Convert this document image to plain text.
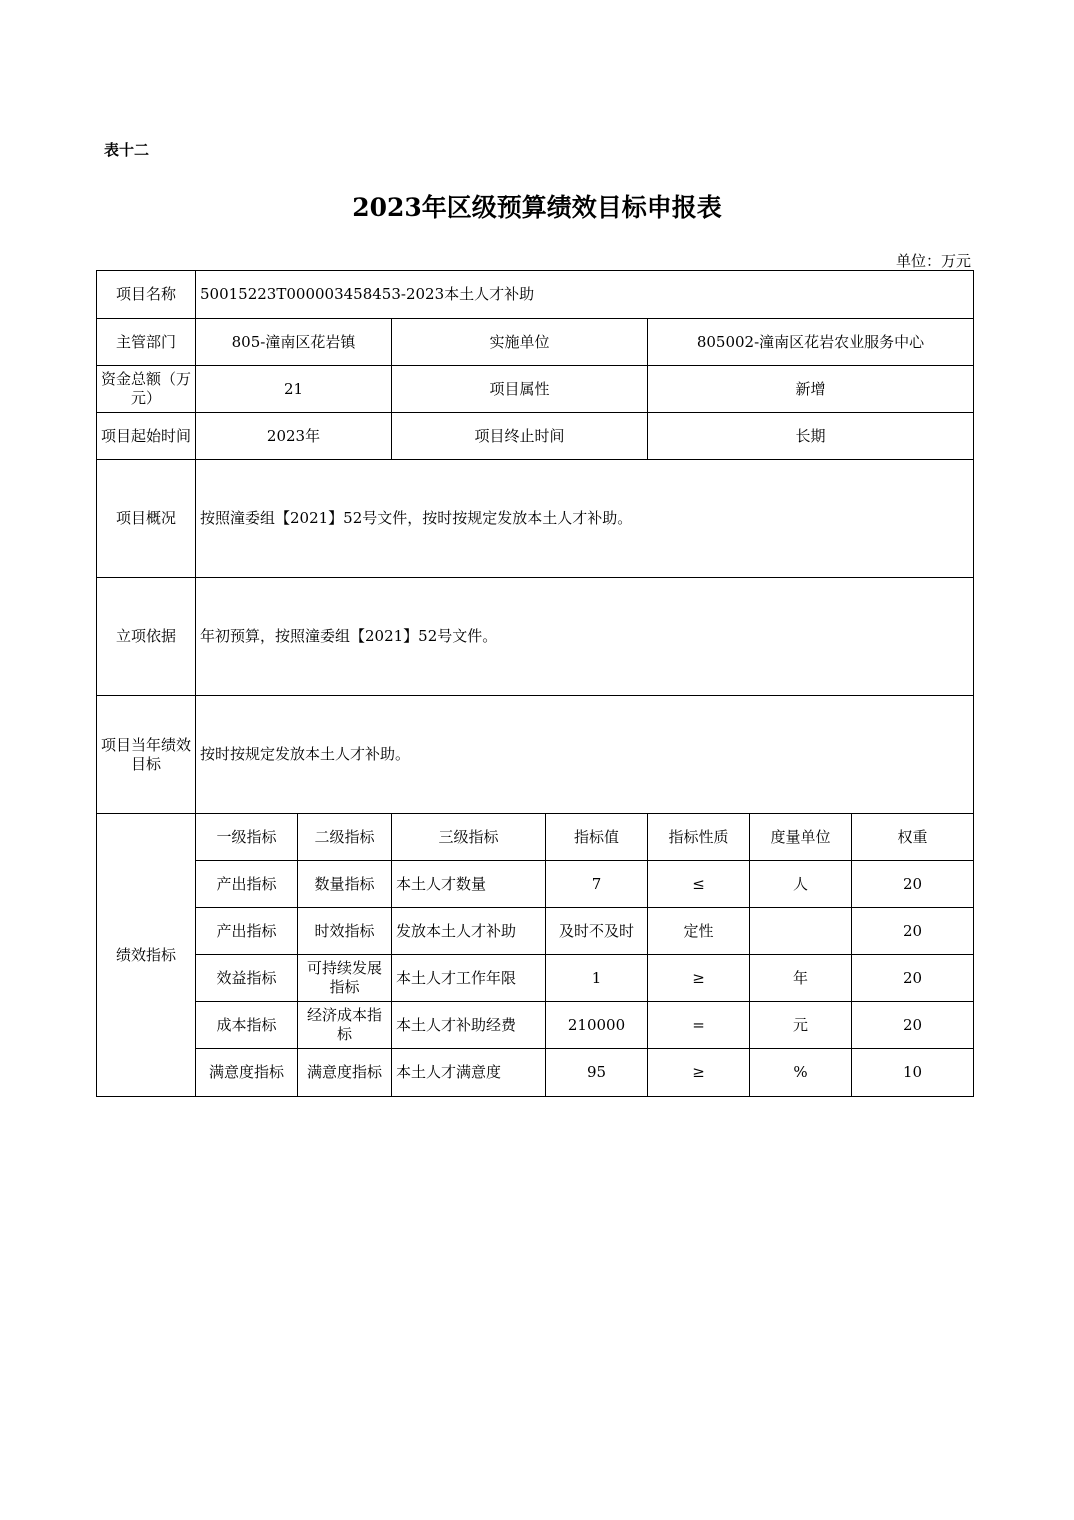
表十二
2023年区级预算绩效目标申报表
单位：万元
项目名称	50015223T000003458453-2023本土人才补助						
主管部门	805-潼南区花岩镇		实施单位		805002-潼南区花岩农业服务中心		
资金总额（万元）	21		项目属性		新增		
项目起始时间	2023年		项目终止时间		长期		
项目概况	按照潼委组【2021】52号文件，按时按规定发放本土人才补助。						
立项依据	年初预算，按照潼委组【2021】52号文件。						
项目当年绩效目标	按时按规定发放本土人才补助。						
绩效指标	一级指标	二级指标	三级指标	指标值	指标性质	度量单位	权重
	产出指标	数量指标	本土人才数量	7	≤	人	20
	产出指标	时效指标	发放本土人才补助	及时不及时	定性		20
	效益指标	可持续发展指标	本土人才工作年限	1	≥	年	20
	成本指标	经济成本指标	本土人才补助经费	210000	=	元	20
	满意度指标	满意度指标	本土人才满意度	95	≥	%	10
